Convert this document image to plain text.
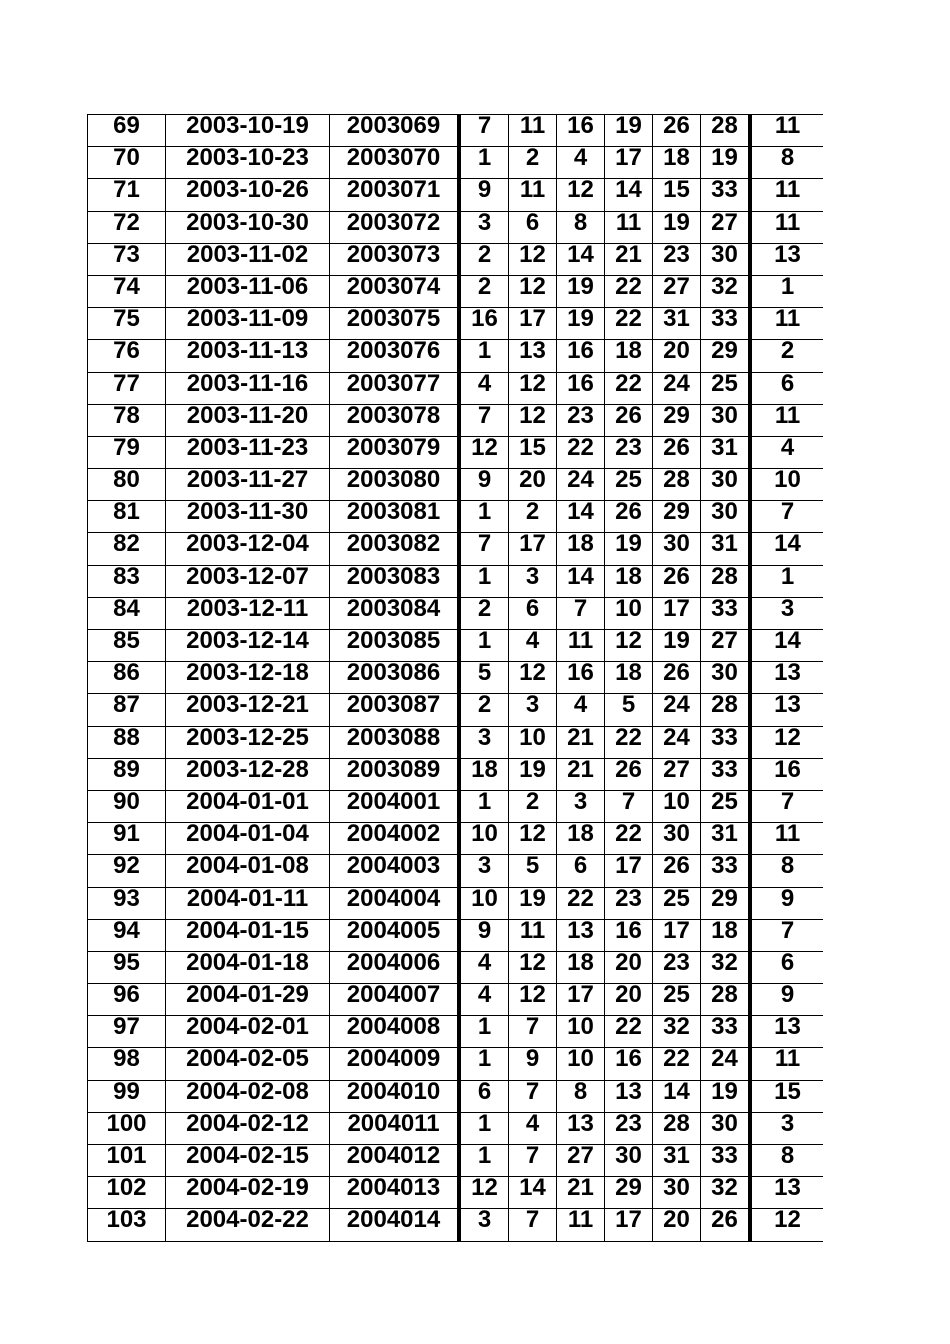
69	2003-10-19	2003069	7	11	16	19	26	28	11
70	2003-10-23	2003070	1	2	4	17	18	19	8
71	2003-10-26	2003071	9	11	12	14	15	33	11
72	2003-10-30	2003072	3	6	8	11	19	27	11
73	2003-11-02	2003073	2	12	14	21	23	30	13
74	2003-11-06	2003074	2	12	19	22	27	32	1
75	2003-11-09	2003075	16	17	19	22	31	33	11
76	2003-11-13	2003076	1	13	16	18	20	29	2
77	2003-11-16	2003077	4	12	16	22	24	25	6
78	2003-11-20	2003078	7	12	23	26	29	30	11
79	2003-11-23	2003079	12	15	22	23	26	31	4
80	2003-11-27	2003080	9	20	24	25	28	30	10
81	2003-11-30	2003081	1	2	14	26	29	30	7
82	2003-12-04	2003082	7	17	18	19	30	31	14
83	2003-12-07	2003083	1	3	14	18	26	28	1
84	2003-12-11	2003084	2	6	7	10	17	33	3
85	2003-12-14	2003085	1	4	11	12	19	27	14
86	2003-12-18	2003086	5	12	16	18	26	30	13
87	2003-12-21	2003087	2	3	4	5	24	28	13
88	2003-12-25	2003088	3	10	21	22	24	33	12
89	2003-12-28	2003089	18	19	21	26	27	33	16
90	2004-01-01	2004001	1	2	3	7	10	25	7
91	2004-01-04	2004002	10	12	18	22	30	31	11
92	2004-01-08	2004003	3	5	6	17	26	33	8
93	2004-01-11	2004004	10	19	22	23	25	29	9
94	2004-01-15	2004005	9	11	13	16	17	18	7
95	2004-01-18	2004006	4	12	18	20	23	32	6
96	2004-01-29	2004007	4	12	17	20	25	28	9
97	2004-02-01	2004008	1	7	10	22	32	33	13
98	2004-02-05	2004009	1	9	10	16	22	24	11
99	2004-02-08	2004010	6	7	8	13	14	19	15
100	2004-02-12	2004011	1	4	13	23	28	30	3
101	2004-02-15	2004012	1	7	27	30	31	33	8
102	2004-02-19	2004013	12	14	21	29	30	32	13
103	2004-02-22	2004014	3	7	11	17	20	26	12
